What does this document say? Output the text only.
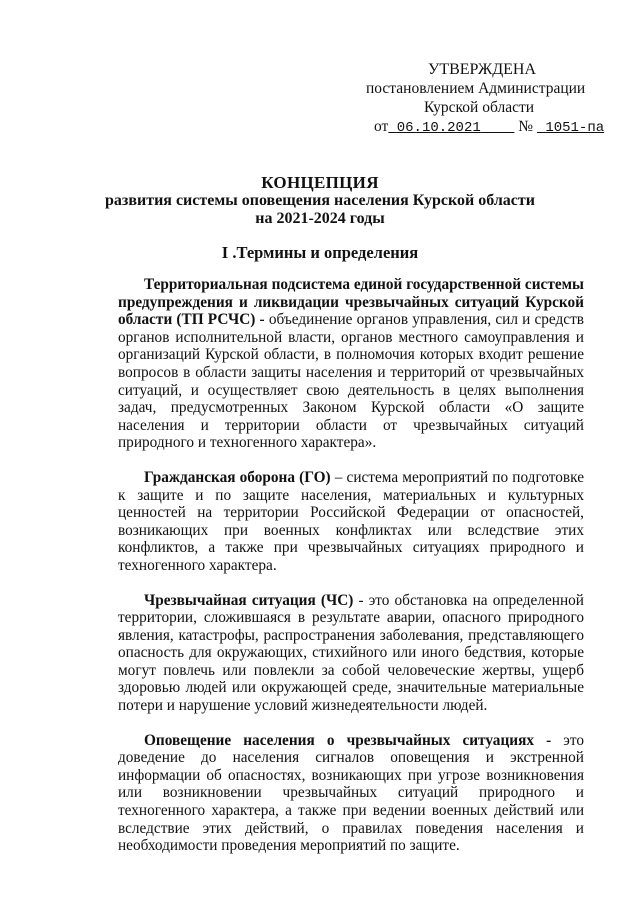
УТВЕРЖДЕНА
постановлением Администрации
Курской области
от 06.10.2021 № 1051-па
КОНЦЕПЦИЯ
развития системы оповещения населения Курской области
на 2021-2024 годы
I .Термины и определения

Территориальная подсистема единой государственной системы предупреждения и ликвидации чрезвычайных ситуаций Курской области (ТП РСЧС) - объединение органов управления, сил и средств органов исполнительной власти, органов местного самоуправления и организаций Курской области, в полномочия которых входит решение вопросов в области защиты населения и территорий от чрезвычайных ситуаций, и осуществляет свою деятельность в целях выполнения задач, предусмотренных Законом Курской области «О защите населения и территории области от чрезвычайных ситуаций природного и техногенного характера».

Гражданская оборона (ГО) – система мероприятий по подготовке к защите и по защите населения, материальных и культурных ценностей на территории Российской Федерации от опасностей, возникающих при военных конфликтах или вследствие этих конфликтов, а также при чрезвычайных ситуациях природного и техногенного характера.

Чрезвычайная ситуация (ЧС) - это обстановка на определенной территории, сложившаяся в результате аварии, опасного природного явления, катастрофы, распространения заболевания, представляющего опасность для окружающих, стихийного или иного бедствия, которые могут повлечь или повлекли за собой человеческие жертвы, ущерб здоровью людей или окружающей среде, значительные материальные потери и нарушение условий жизнедеятельности людей.

Оповещение населения о чрезвычайных ситуациях - это доведение до населения сигналов оповещения и экстренной информации об опасностях, возникающих при угрозе возникновения или возникновении чрезвычайных ситуаций природного и техногенного характера, а также при ведении военных действий или вследствие этих действий, о правилах поведения населения и необходимости проведения мероприятий по защите.
